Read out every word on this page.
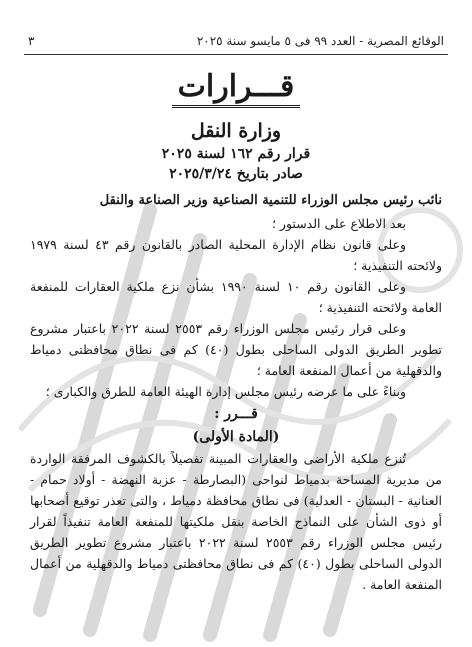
الوقائع المصرية - العدد ٩٩ فى ٥ مايسو سنة ٢٠٢٥
٣
قـــرارات
وزارة النقل
قرار رقم ١٦٢ لسنة ٢٠٢٥
صادر بتاريخ ٢٠٢٥/٣/٢٤
نائب رئيس مجلس الوزراء للتنمية الصناعية وزير الصناعة والنقل

بعد الاطلاع على الدستور ؛

وعلى قانون نظام الإدارة المحلية الصادر بالقانون رقم ٤٣ لسنة ١٩٧٩ ولائحته التنفيذية ؛

وعلى القانون رقم ١٠ لسنة ١٩٩٠ بشأن نزع ملكية العقارات للمنفعة العامة ولائحته التنفيذية ؛

وعلى قرار رئيس مجلس الوزراء رقم ٢٥٥٣ لسنة ٢٠٢٢ باعتبار مشروع تطوير الطريق الدولى الساحلى بطول (٤٠) كم فى نطاق محافظتى دمياط والدقهلية من أعمال المنفعة العامة ؛

وبناءً على ما عرضه رئيس مجلس إدارة الهيئة العامة للطرق والكبارى ؛

قـــرر :

(المادة الأولى)

تُنزع ملكية الأراضى والعقارات المبينة تفصيلاً بالكشوف المرفقة الواردة من مديرية المساحة بدمياط لنواحى (البصارطة - عزبة النهضة - أولاد حمام - العنانية - البستان - العدلية) فى نطاق محافظة دمياط ، والتى تعذر توقيع أصحابها أو ذوى الشأن على النماذج الخاصة بنقل ملكيتها للمنفعة العامة تنفيذاً لقرار رئيس مجلس الوزراء رقم ٢٥٥٣ لسنة ٢٠٢٢ باعتبار مشروع تطوير الطريق الدولى الساحلى بطول (٤٠) كم فى نطاق محافظتى دمياط والدقهلية من أعمال المنفعة العامة .
